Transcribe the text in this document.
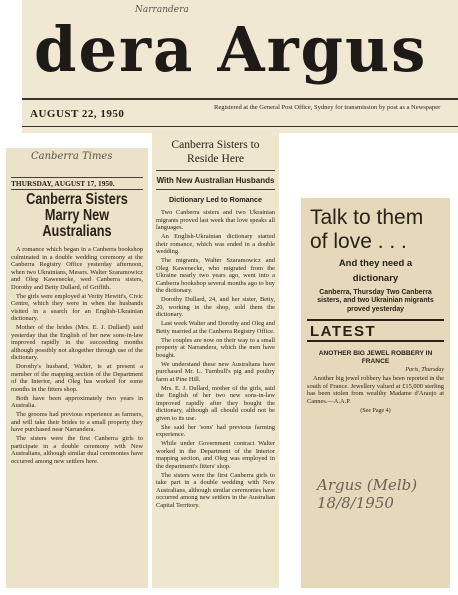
Narrandera
dera Argus
AUGUST 22, 1950
Registered at the General Post Office, Sydney for transmission by post as a Newspaper
Canberra Times
THURSDAY, AUGUST 17, 1950.
Canberra Sisters Marry New Australians

A romance which began in a Canberra bookshop culminated in a double wedding ceremony at the Canberra Registry Office yesterday afternoon, when two Ukrainians, Messrs. Walter Szaramowicz and Oleg Kawenecke, wed Canberra sisters, Dorothy and Betty Dullard, of Griffith.

The girls were employed at Verity Hewitt's, Civic Centre, which they were in when the husbands visited in a search for an English-Ukrainian dictionary.

Mother of the brides (Mrs. E. J. Dullard) said yesterday that the English of her new sons-in-law improved rapidly in the succeeding months although possibly not altogether through use of the dictionary.

Dorothy's husband, Walter, is at present a member of the mapping section of the Department of the Interior, and Oleg has worked for some months in the fitters shop.

Both have been approximately two years in Australia.

The grooms had previous experience as farmers, and will take their brides to a small property they have purchased near Narrandera.

The sisters were the first Canberra girls to participate in a double ceremony with New Australians, although similar dual ceremonies have occurred among new settlers here.

Canberra Sisters to Reside Here
With New Australian Husbands
Dictionary Led to Romance

Two Canberra sisters and two Ukrainian migrants proved last week that love speaks all languages.

An English-Ukrainian dictionary started their romance, which was ended in a double wedding.

The migrants, Walter Szaramowicz and Oleg Kawenecke, who migrated from the Ukraine nearly two years ago, went into a Canberra bookshop several months ago to buy the dictionary.

Dorothy Dullard, 24, and her sister, Betty, 20, working in the shop, sold them the dictionary.

Last week Walter and Dorothy and Oleg and Betty married at the Canberra Registry Office.

The couples are now on their way to a small property at Narrandera, which the men have bought.

We understand these new Australians have purchased Mr. L. Turnbull's pig and poultry farm at Pine Hill.

Mrs. E. J. Dullard, mother of the girls, said the English of her two new sons-in-law improved rapidly after they bought the dictionary, although all chould could not be given to its use.

She said her 'sons' had previous farming experience.

While under Government contract Walter worked in the Department of the Interior mapping section, and Oleg was employed in the department's fitters' shop.

The sisters were the first Canberra girls to take part in a double wedding with New Australians, although similar ceremonies have occurred among new settlers in the Australian Capital Territory.

Talk to them of love . . .
And they need a
dictionary
Canberra, Thursday Two Canberra sisters, and two Ukrainian migrants proved yesterday
LATEST
ANOTHER BIG JEWEL ROBBERY IN FRANCE
Paris, Thursday
Another big jewel robbery has been reported in the south of France. Jewellery valued at £15,000 sterling has been stolen from wealthy Madame d'Araujo at Cannes.—A.A.P.
(See Page 4)
Argus (Melb) 18/8/1950
